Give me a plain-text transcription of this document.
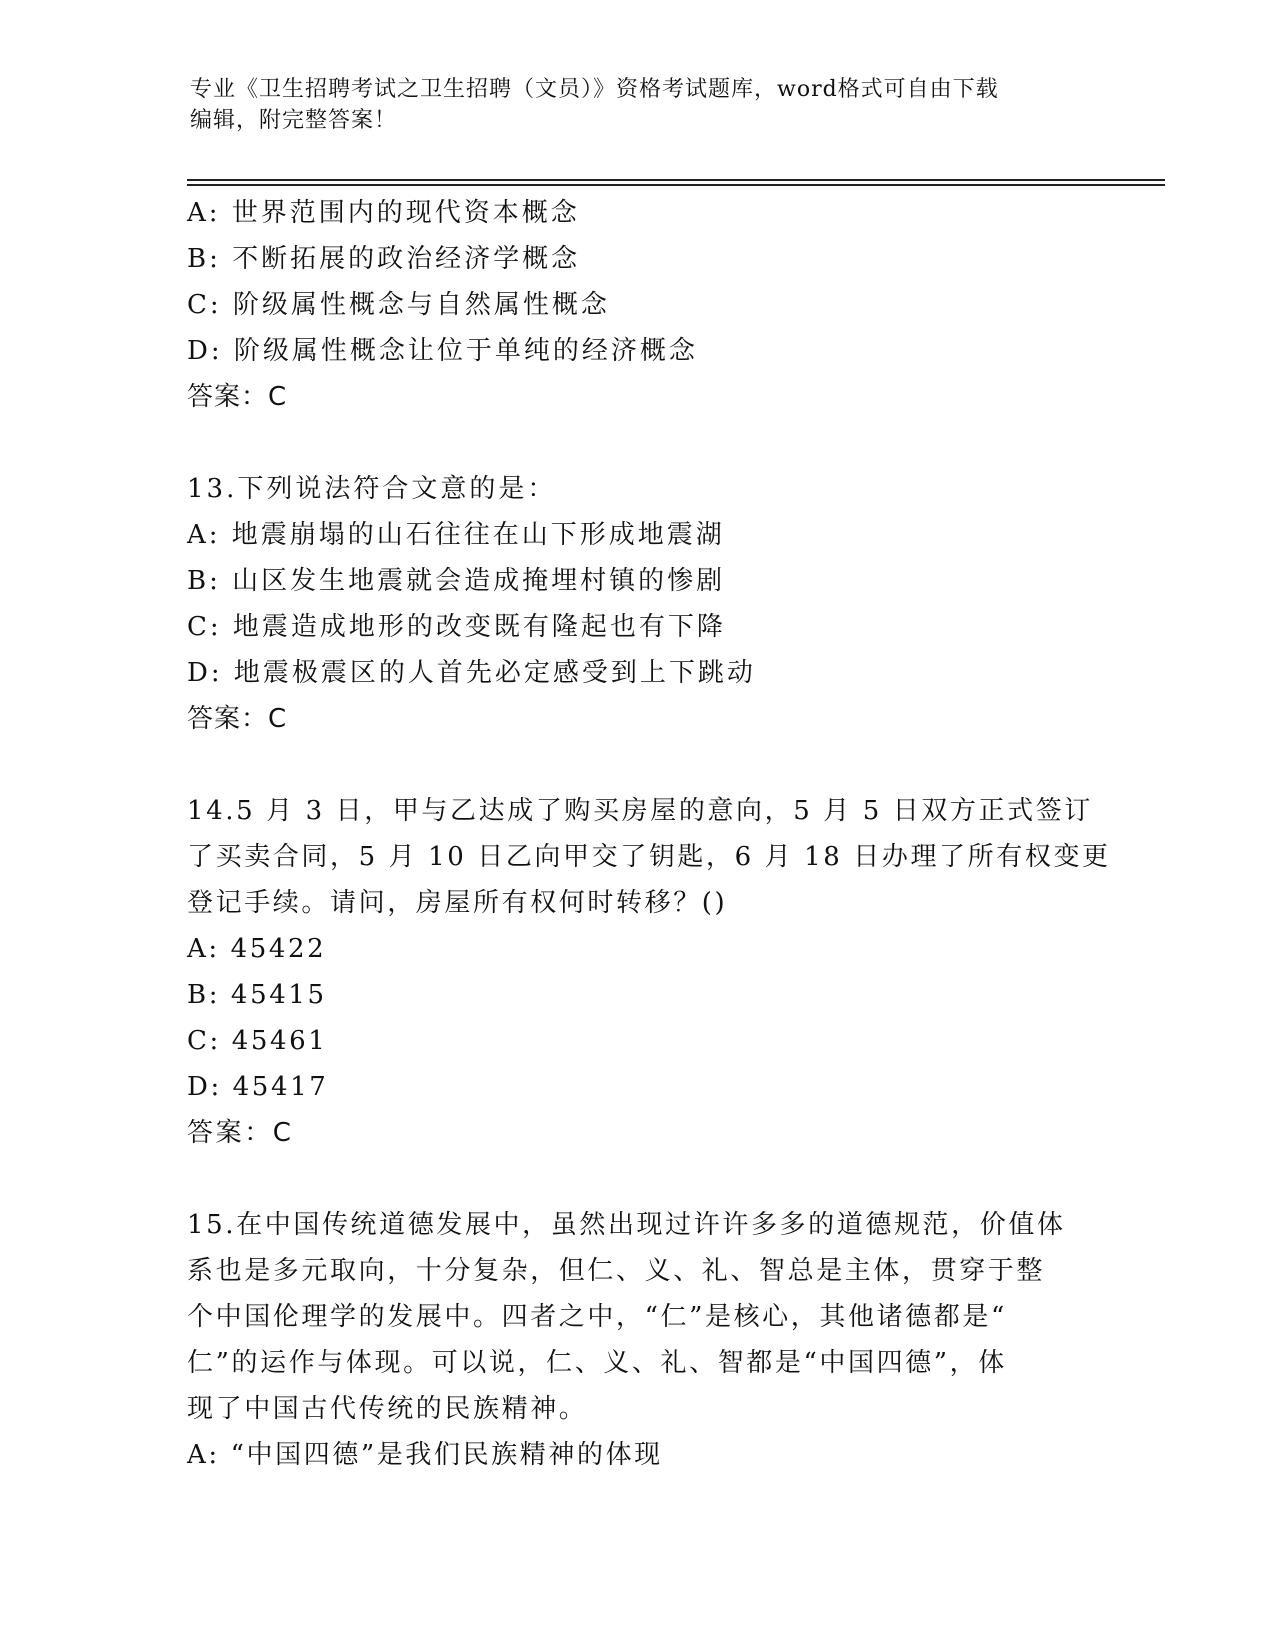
专业《卫生招聘考试之卫生招聘（文员）》资格考试题库，word格式可自由下载
编辑，附完整答案！
A: 世界范围内的现代资本概念
B: 不断拓展的政治经济学概念
C: 阶级属性概念与自然属性概念
D: 阶级属性概念让位于单纯的经济概念
答案：C
13.下列说法符合文意的是：
A: 地震崩塌的山石往往在山下形成地震湖
B: 山区发生地震就会造成掩埋村镇的惨剧
C: 地震造成地形的改变既有隆起也有下降
D: 地震极震区的人首先必定感受到上下跳动
答案：C
14.5 月 3 日，甲与乙达成了购买房屋的意向，5 月 5 日双方正式签订
了买卖合同，5 月 10 日乙向甲交了钥匙，6 月 18 日办理了所有权变更
登记手续。请问，房屋所有权何时转移？()
A: 45422
B: 45415
C: 45461
D: 45417
答案：C
15.在中国传统道德发展中，虽然出现过许许多多的道德规范，价值体
系也是多元取向，十分复杂，但仁、义、礼、智总是主体，贯穿于整
个中国伦理学的发展中。四者之中，“仁”是核心，其他诸德都是“
仁”的运作与体现。可以说，仁、义、礼、智都是“中国四德”，体
现了中国古代传统的民族精神。
A: “中国四德”是我们民族精神的体现
